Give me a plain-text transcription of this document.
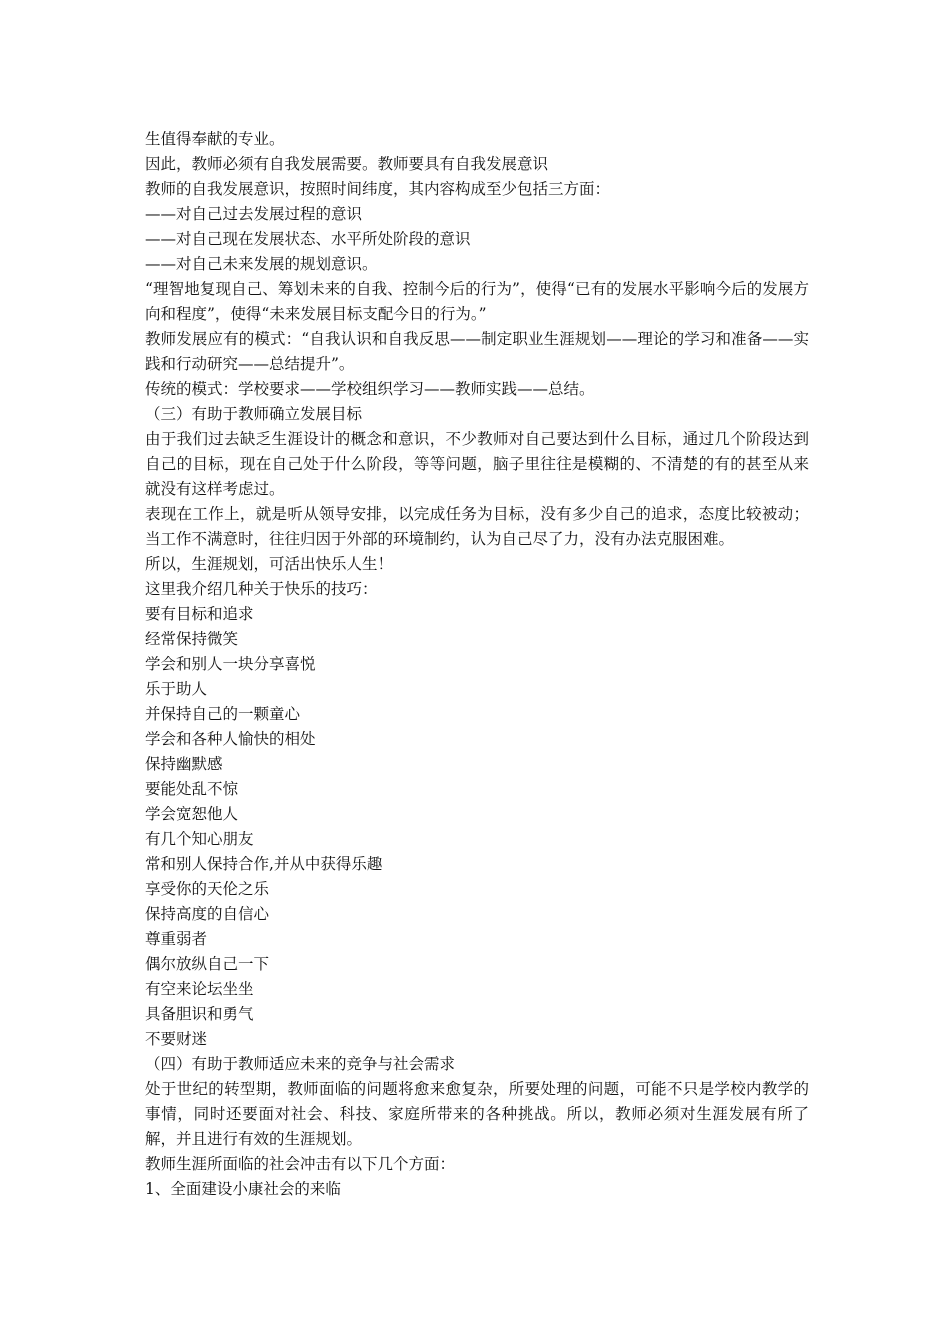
生值得奉献的专业。

因此，教师必须有自我发展需要。教师要具有自我发展意识

教师的自我发展意识，按照时间纬度，其内容构成至少包括三方面：

——对自己过去发展过程的意识

——对自己现在发展状态、水平所处阶段的意识

——对自己未来发展的规划意识。

“理智地复现自己、筹划未来的自我、控制今后的行为”，使得“已有的发展水平影响今后的发展方向和程度”，使得“未来发展目标支配今日的行为。”

教师发展应有的模式：“自我认识和自我反思——制定职业生涯规划——理论的学习和准备——实践和行动研究——总结提升”。

传统的模式：学校要求——学校组织学习——教师实践——总结。

（三）有助于教师确立发展目标

由于我们过去缺乏生涯设计的概念和意识，不少教师对自己要达到什么目标，通过几个阶段达到自己的目标，现在自己处于什么阶段，等等问题，脑子里往往是模糊的、不清楚的有的甚至从来就没有这样考虑过。

表现在工作上，就是听从领导安排，以完成任务为目标，没有多少自己的追求，态度比较被动；当工作不满意时，往往归因于外部的环境制约，认为自己尽了力，没有办法克服困难。

所以，生涯规划，可活出快乐人生！

这里我介绍几种关于快乐的技巧：

要有目标和追求

经常保持微笑

学会和别人一块分享喜悦

乐于助人

并保持自己的一颗童心

学会和各种人愉快的相处

保持幽默感

要能处乱不惊

学会宽恕他人

有几个知心朋友

常和别人保持合作,并从中获得乐趣

享受你的天伦之乐

保持高度的自信心

尊重弱者

偶尔放纵自己一下

有空来论坛坐坐

具备胆识和勇气

不要财迷

（四）有助于教师适应未来的竞争与社会需求

处于世纪的转型期，教师面临的问题将愈来愈复杂，所要处理的问题，可能不只是学校内教学的事情，同时还要面对社会、科技、家庭所带来的各种挑战。所以，教师必须对生涯发展有所了解，并且进行有效的生涯规划。

教师生涯所面临的社会冲击有以下几个方面：

1、全面建设小康社会的来临
